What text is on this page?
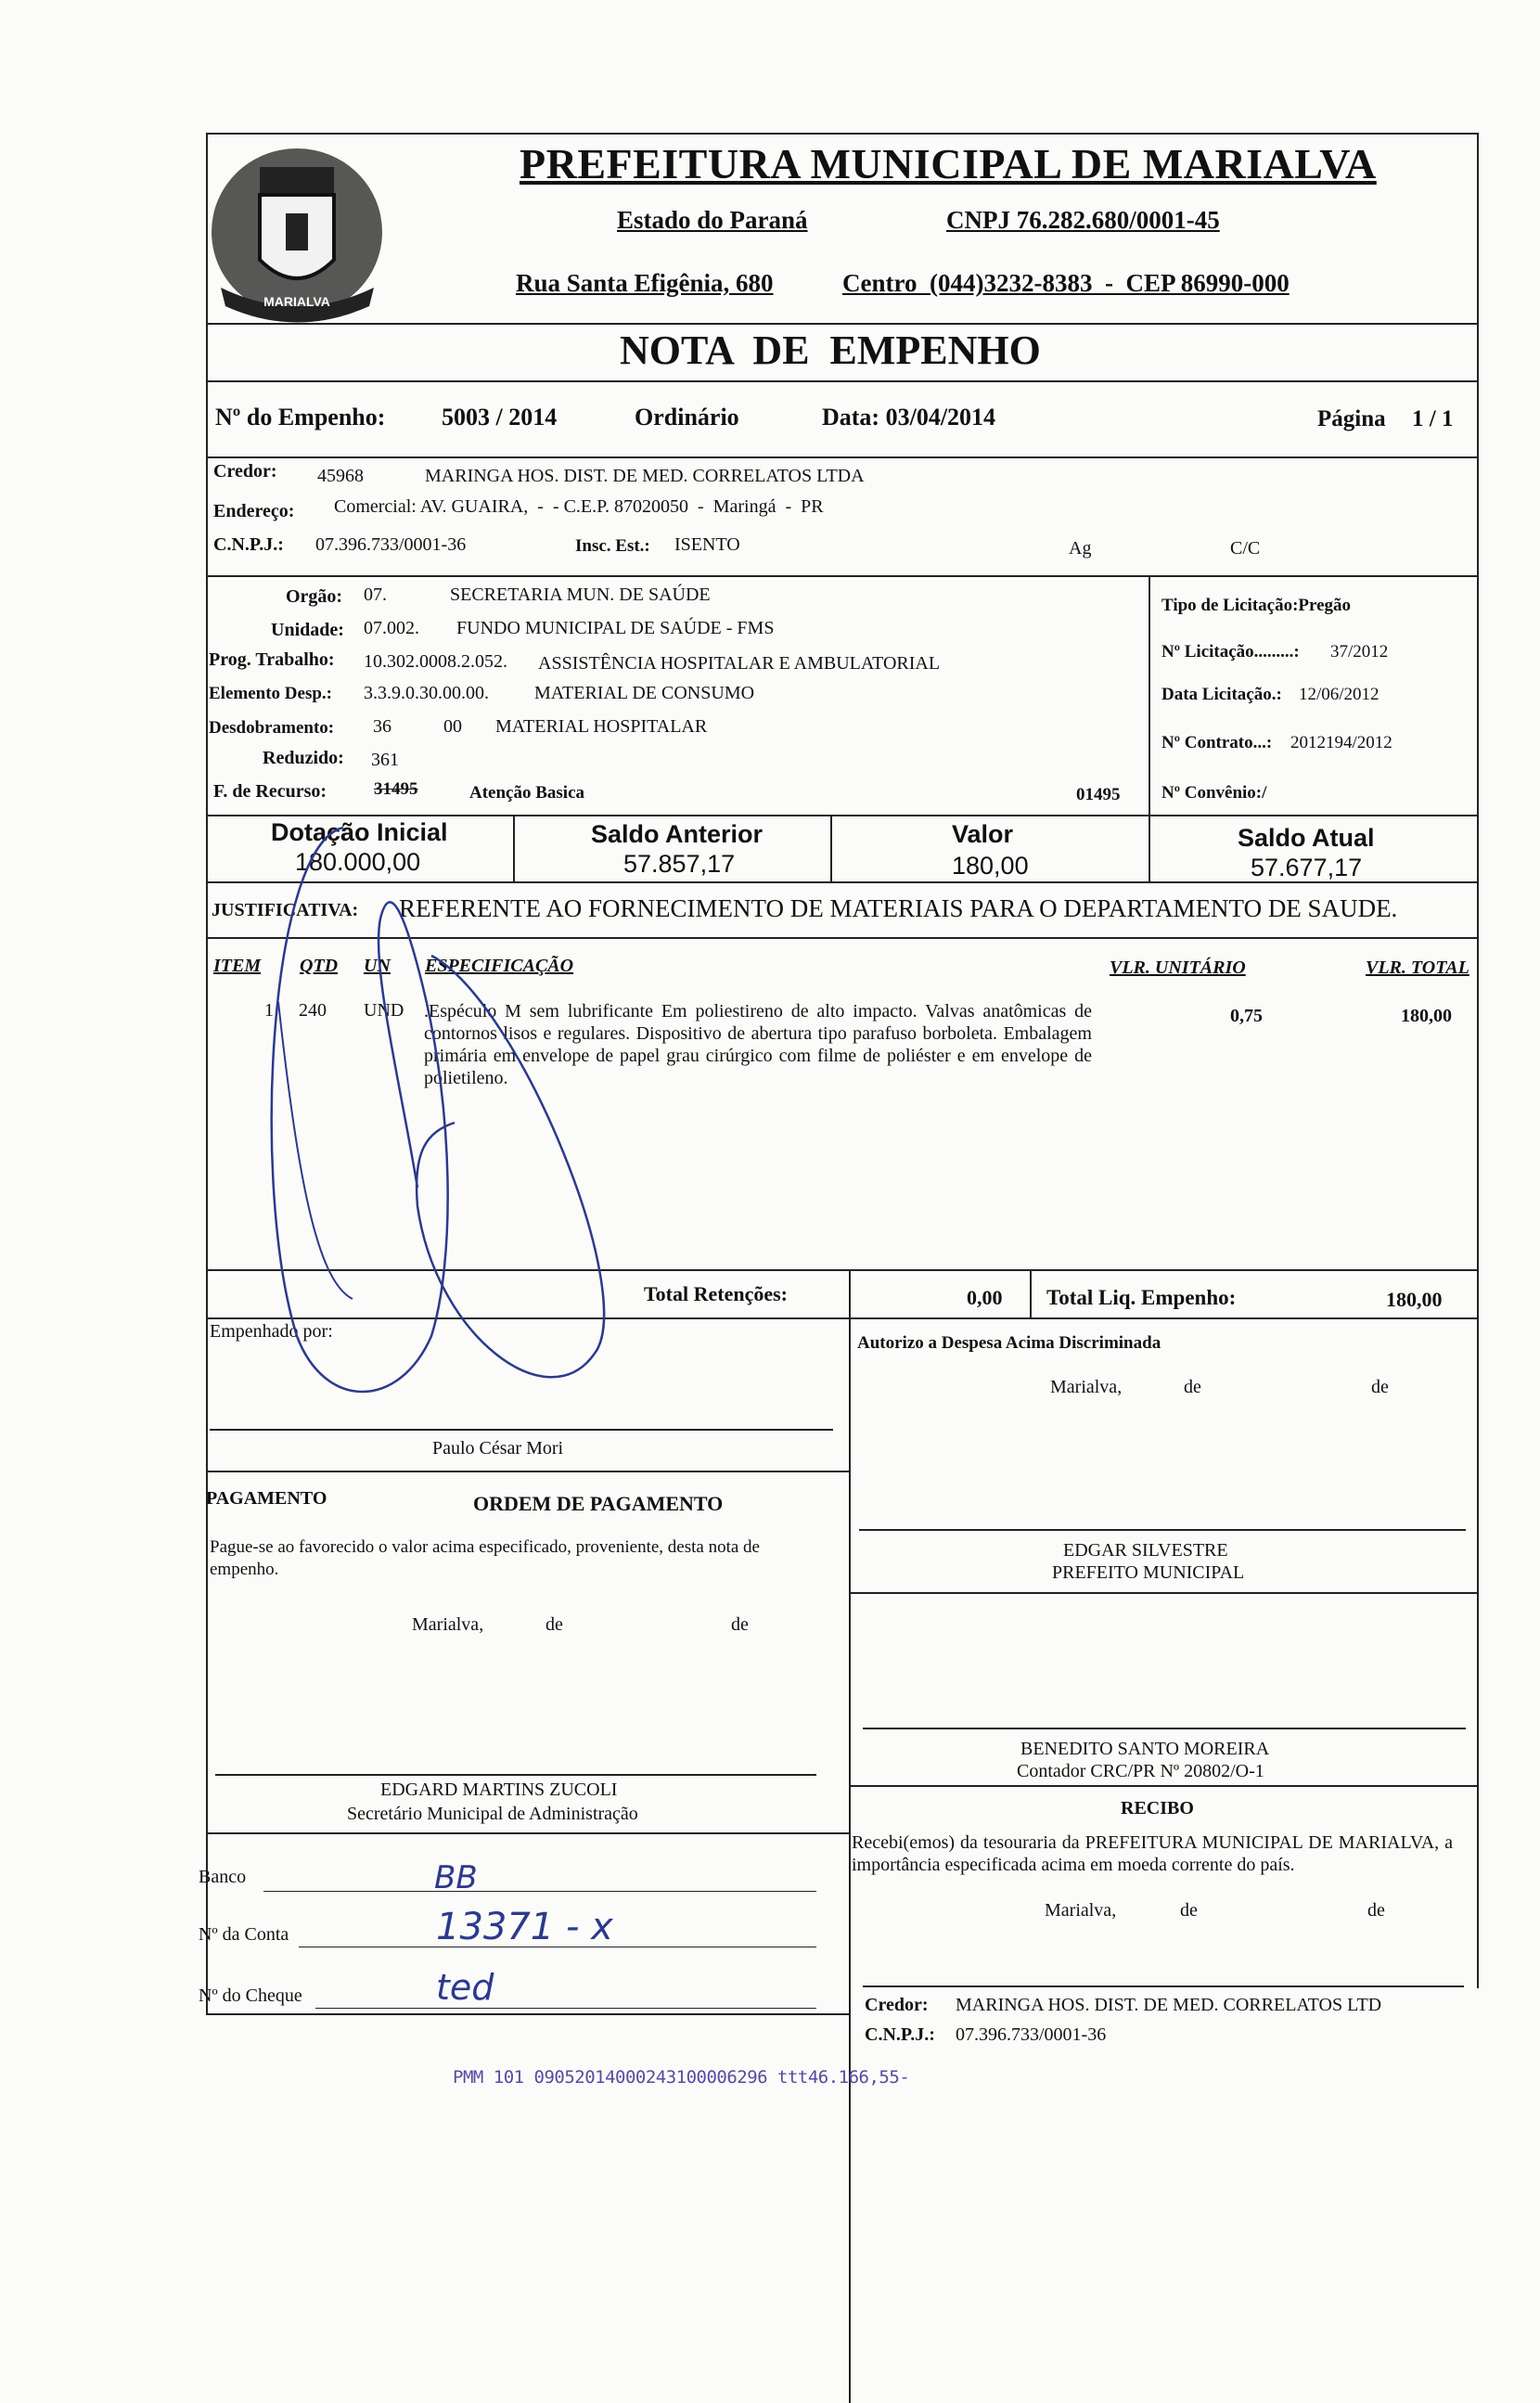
MARIALVA
PREFEITURA MUNICIPAL DE MARIALVA
Estado do Paraná	CNPJ 76.282.680/0001-45
Rua Santa Efigênia, 680	Centro  (044)3232-8383  -  CEP 86990-000
NOTA  DE  EMPENHO
Nº do Empenho: 5003 / 2014	Ordinário	Data: 03/04/2014	Página 1 / 1
Credor: 45968	MARINGA HOS. DIST. DE MED. CORRELATOS LTDA
Endereço: Comercial: AV. GUAIRA,  -  - C.E.P. 87020050  -  Maringá  -  PR
C.N.P.J.: 07.396.733/0001-36	Insc. Est.: ISENTO	Ag	C/C
Orgão: 07.	SECRETARIA MUN. DE SAÚDE
Unidade: 07.002. FUNDO MUNICIPAL DE SAÚDE - FMS
Prog. Trabalho: 10.302.0008.2.052. ASSISTÊNCIA HOSPITALAR E AMBULATORIAL
Elemento Desp.: 3.3.9.0.30.00.00. MATERIAL DE CONSUMO
Desdobramento: 36	00 MATERIAL HOSPITALAR
Reduzido: 361
F. de Recurso:	31495	Atenção Basica	01495
Tipo de Licitação:Pregão
Nº Licitação.........: 37/2012
Data Licitação.: 12/06/2012
Nº Contrato...: 2012194/2012
Nº Convênio:/
Dotação Inicial
180.000,00
Saldo Anterior
57.857,17
Valor
180,00
Saldo Atual
57.677,17
JUSTIFICATIVA: REFERENTE AO FORNECIMENTO DE MATERIAIS PARA O DEPARTAMENTO DE SAUDE.
ITEM QTD UN ESPECIFICAÇÃO	VLR. UNITÁRIO	VLR. TOTAL
1 240 UND .Espéculo M sem lubrificante Em poliestireno de alto impacto. Valvas anatômicas de contornos lisos e regulares. Dispositivo de abertura tipo parafuso borboleta. Embalagem primária em envelope de papel grau cirúrgico com filme de poliéster e em envelope de polietileno.
0,75	180,00
Total Retenções:	0,00 Total Liq. Empenho:	180,00
Empenhado por:
Paulo César Mori
Autorizo a Despesa Acima Discriminada
Marialva,	de	de
PAGAMENTO	ORDEM DE PAGAMENTO
Pague-se ao favorecido o valor acima especificado, proveniente, desta nota de empenho.
Marialva,	de	de
EDGARD MARTINS ZUCOLI
Secretário Municipal de Administração
EDGAR SILVESTRE
PREFEITO MUNICIPAL
BENEDITO SANTO MOREIRA
Contador CRC/PR Nº 20802/O-1
RECIBO
Recebi(emos) da tesouraria da PREFEITURA MUNICIPAL DE MARIALVA, a importância especificada acima em moeda corrente do país.
Marialva,	de	de
Credor: MARINGA HOS. DIST. DE MED. CORRELATOS LTD
C.N.P.J.: 07.396.733/0001-36
Banco	BB
Nº da Conta	13371 - x
Nº do Cheque	ted
PMM 101 09052014000243100006296 ttt46.166,55-
